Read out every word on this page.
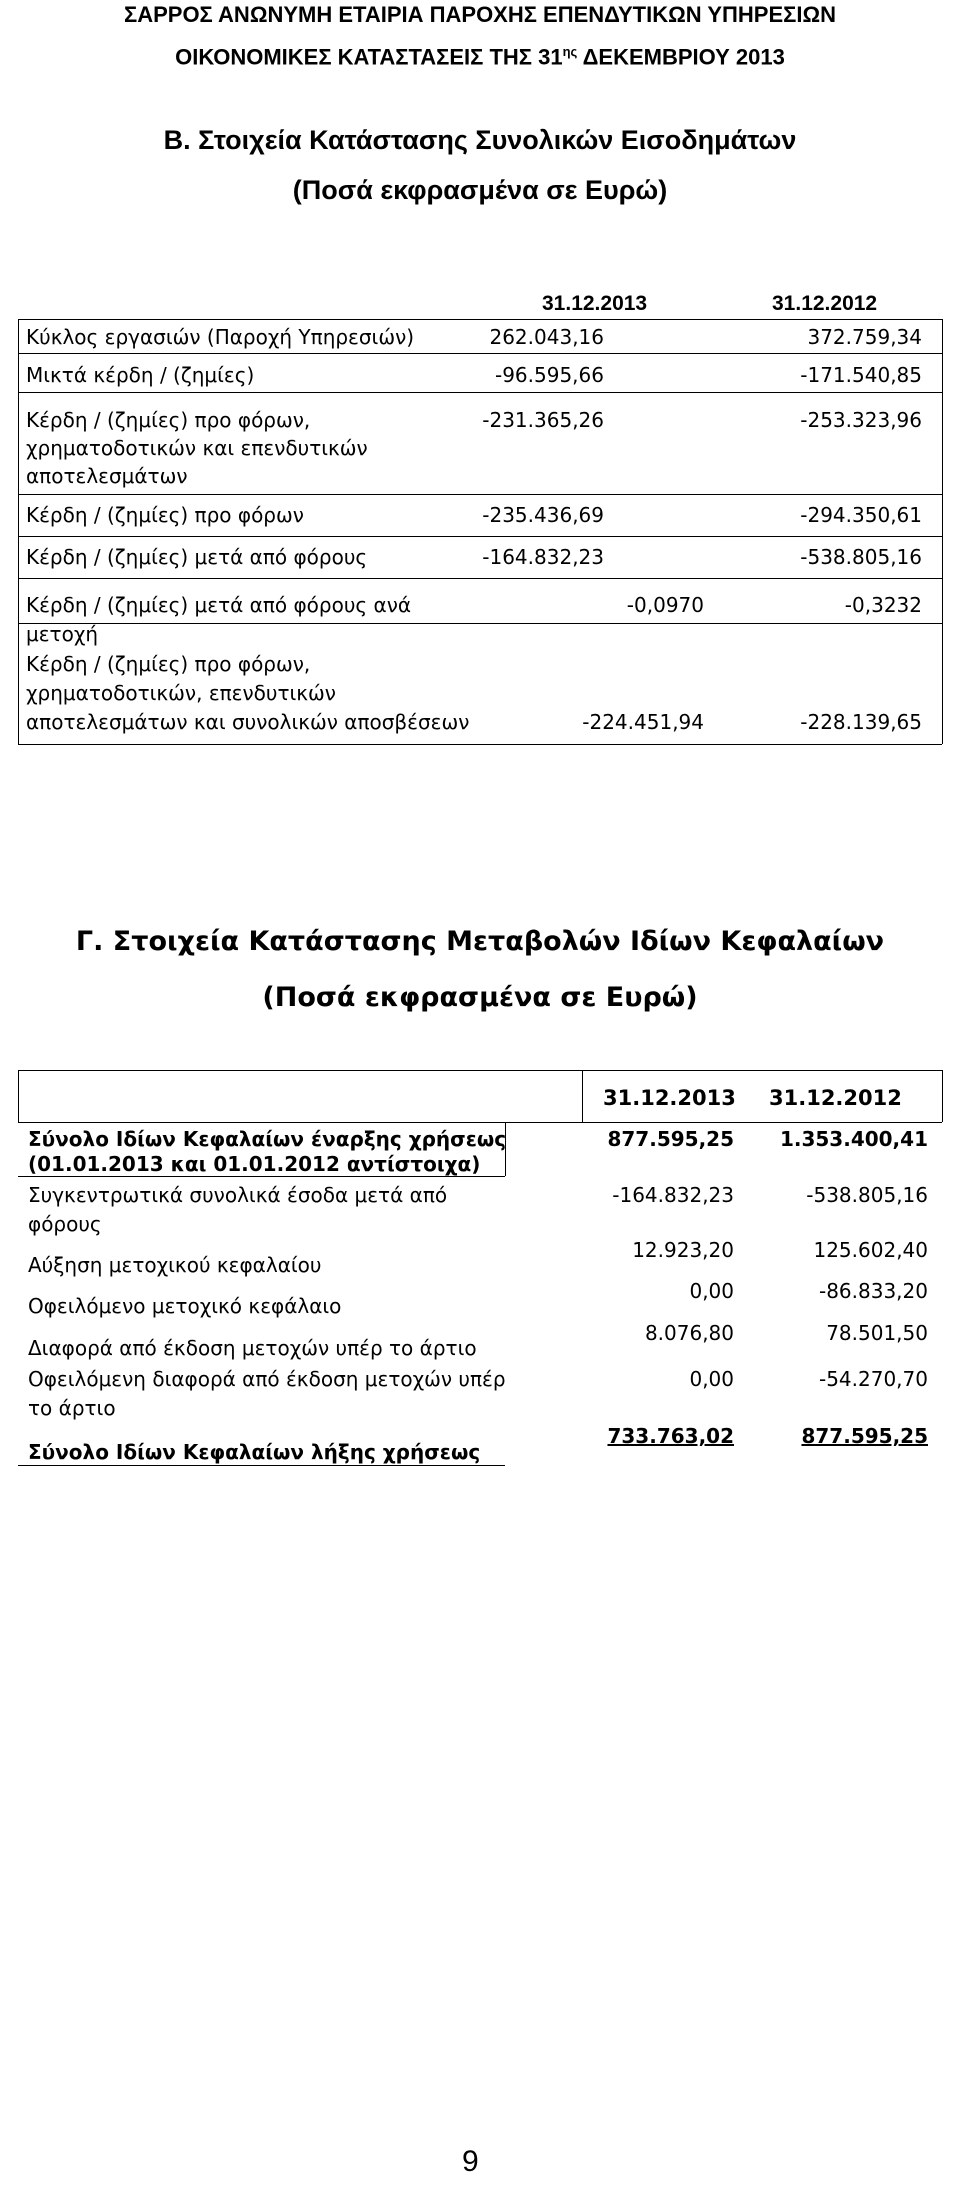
ΣΑΡΡΟΣ ΑΝΩΝΥΜΗ ΕΤΑΙΡΙΑ ΠΑΡΟΧΗΣ ΕΠΕΝΔΥΤΙΚΩΝ ΥΠΗΡΕΣΙΩΝ
ΟΙΚΟΝΟΜΙΚΕΣ ΚΑΤΑΣΤΑΣΕΙΣ ΤΗΣ $31^{\eta\varsigma}$ ΔΕΚΕΜΒΡΙΟΥ 2013
Β. Στοιχεία Κατάστασης Συνολικών Εισοδημάτων
(Ποσά εκφρασμένα σε Ευρώ)
31.12.2013	31.12.2012
Κύκλος εργασιών (Παροχή Υπηρεσιών)	262.043,16	372.759,34
Μικτά κέρδη / (ζημίες)	-96.595,66	-171.540,85
Κέρδη / (ζημίες) προ φόρων,
χρηματοδοτικών και επενδυτικών
αποτελεσμάτων
-231.365,26	-253.323,96
Κέρδη / (ζημίες) προ φόρων	-235.436,69	-294.350,61
Κέρδη / (ζημίες) μετά από φόρους	-164.832,23	-538.805,16
Κέρδη / (ζημίες) μετά από φόρους ανά
μετοχή
-0,0970	-0,3232
Κέρδη / (ζημίες) προ φόρων,
χρηματοδοτικών, επενδυτικών
αποτελεσμάτων και συνολικών αποσβέσεων	-224.451,94	-228.139,65
Γ. Στοιχεία Κατάστασης Μεταβολών Ιδίων Κεφαλαίων
(Ποσά εκφρασμένα σε Ευρώ)
31.12.2013 31.12.2012
Σύνολο Ιδίων Κεφαλαίων έναρξης χρήσεως
(01.01.2013 και 01.01.2012 αντίστοιχα)
877.595,25 1.353.400,41
Συγκεντρωτικά συνολικά έσοδα μετά από
φόρους
-164.832,23	-538.805,16
Αύξηση μετοχικού κεφαλαίου
12.923,20	125.602,40
Οφειλόμενο μετοχικό κεφάλαιο
0,00	-86.833,20
Διαφορά από έκδοση μετοχών υπέρ το άρτιο
8.076,80	78.501,50
Οφειλόμενη διαφορά από έκδοση μετοχών υπέρ
το άρτιο
0,00	-54.270,70
Σύνολο Ιδίων Κεφαλαίων λήξης χρήσεως
733.763,02	877.595,25
9
